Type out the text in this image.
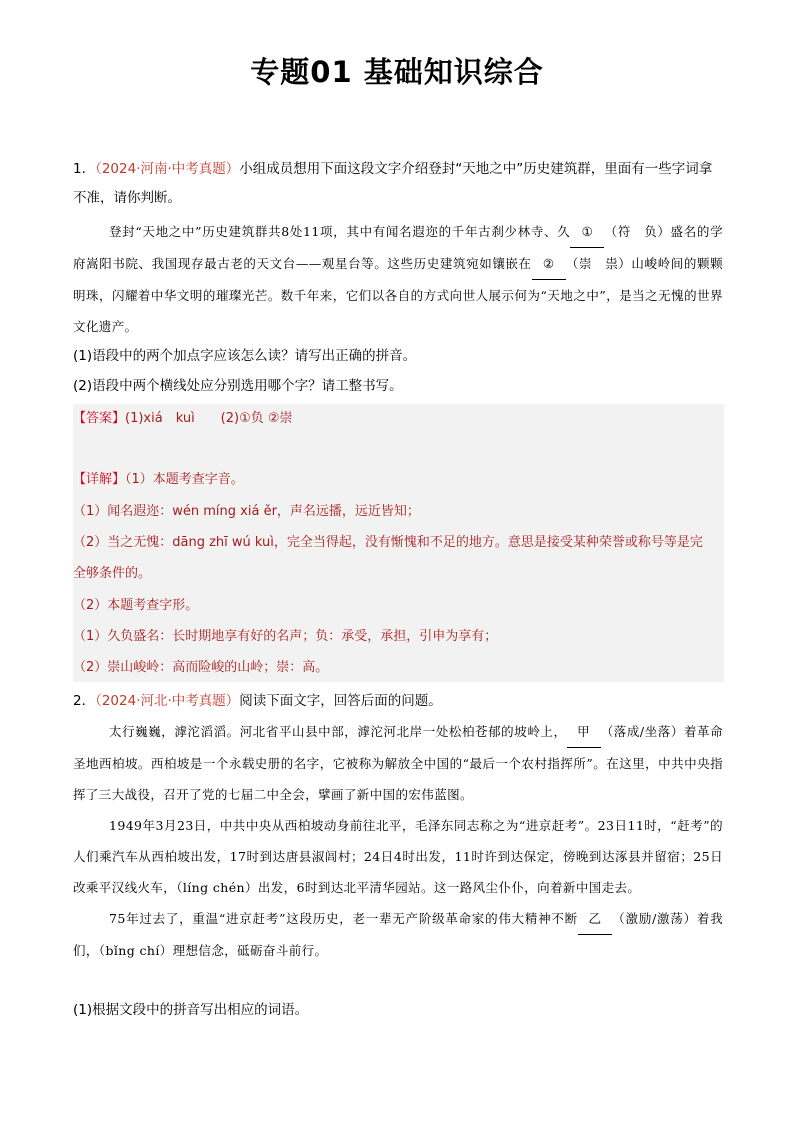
专题01 基础知识综合
1．（2024·河南·中考真题）小组成员想用下面这段文字介绍登封“天地之中”历史建筑群，里面有一些字词拿
不准，请你判断。

登封“天地之中”历史建筑群共8处11项，其中有闻名遐迩的千年古刹少林寺、久 ① （符　负）盛名的学府嵩阳书院、我国现存最古老的天文台——观星台等。这些历史建筑宛如镶嵌在 ② （崇　祟）山峻岭间的颗颗明珠，闪耀着中华文明的璀璨光芒。数千年来，它们以各自的方式向世人展示何为“天地之中”，是当之无愧的世界文化遗产。

(1)语段中的两个加点字应该怎么读？请写出正确的拼音。
(2)语段中两个横线处应分别选用哪个字？请工整书写。
【答案】(1)xiá　kuì　　(2)①负 ②崇
【详解】（1）本题考查字音。
（1）闻名遐迩：wén míng xiá ěr，声名远播，远近皆知；
（2）当之无愧：dāng zhī wú kuì，完全当得起，没有惭愧和不足的地方。意思是接受某种荣誉或称号等是完
全够条件的。
（2）本题考查字形。
（1）久负盛名：长时期地享有好的名声；负：承受，承担，引申为享有；
（2）崇山峻岭：高而险峻的山岭；崇：高。
2．（2024·河北·中考真题）阅读下面文字，回答后面的问题。

太行巍巍，滹沱滔滔。河北省平山县中部，滹沱河北岸一处松柏苍郁的坡岭上， 甲 （落成/坐落）着革命圣地西柏坡。西柏坡是一个永载史册的名字，它被称为解放全中国的“最后一个农村指挥所”。在这里，中共中央指挥了三大战役，召开了党的七届二中全会，擘画了新中国的宏伟蓝图。

1949年3月23日，中共中央从西柏坡动身前往北平，毛泽东同志称之为“进京赶考”。23日11时，“赶考”的人们乘汽车从西柏坡出发，17时到达唐县淑闾村；24日4时出发，11时许到达保定，傍晚到达涿县并留宿；25日改乘平汉线火车，（líng chén）出发，6时到达北平清华园站。这一路风尘仆仆，向着新中国走去。

75年过去了，重温“进京赶考”这段历史，老一辈无产阶级革命家的伟大精神不断 乙 （激励/激荡）着我们，（bǐng chí）理想信念，砥砺奋斗前行。

(1)根据文段中的拼音写出相应的词语。
